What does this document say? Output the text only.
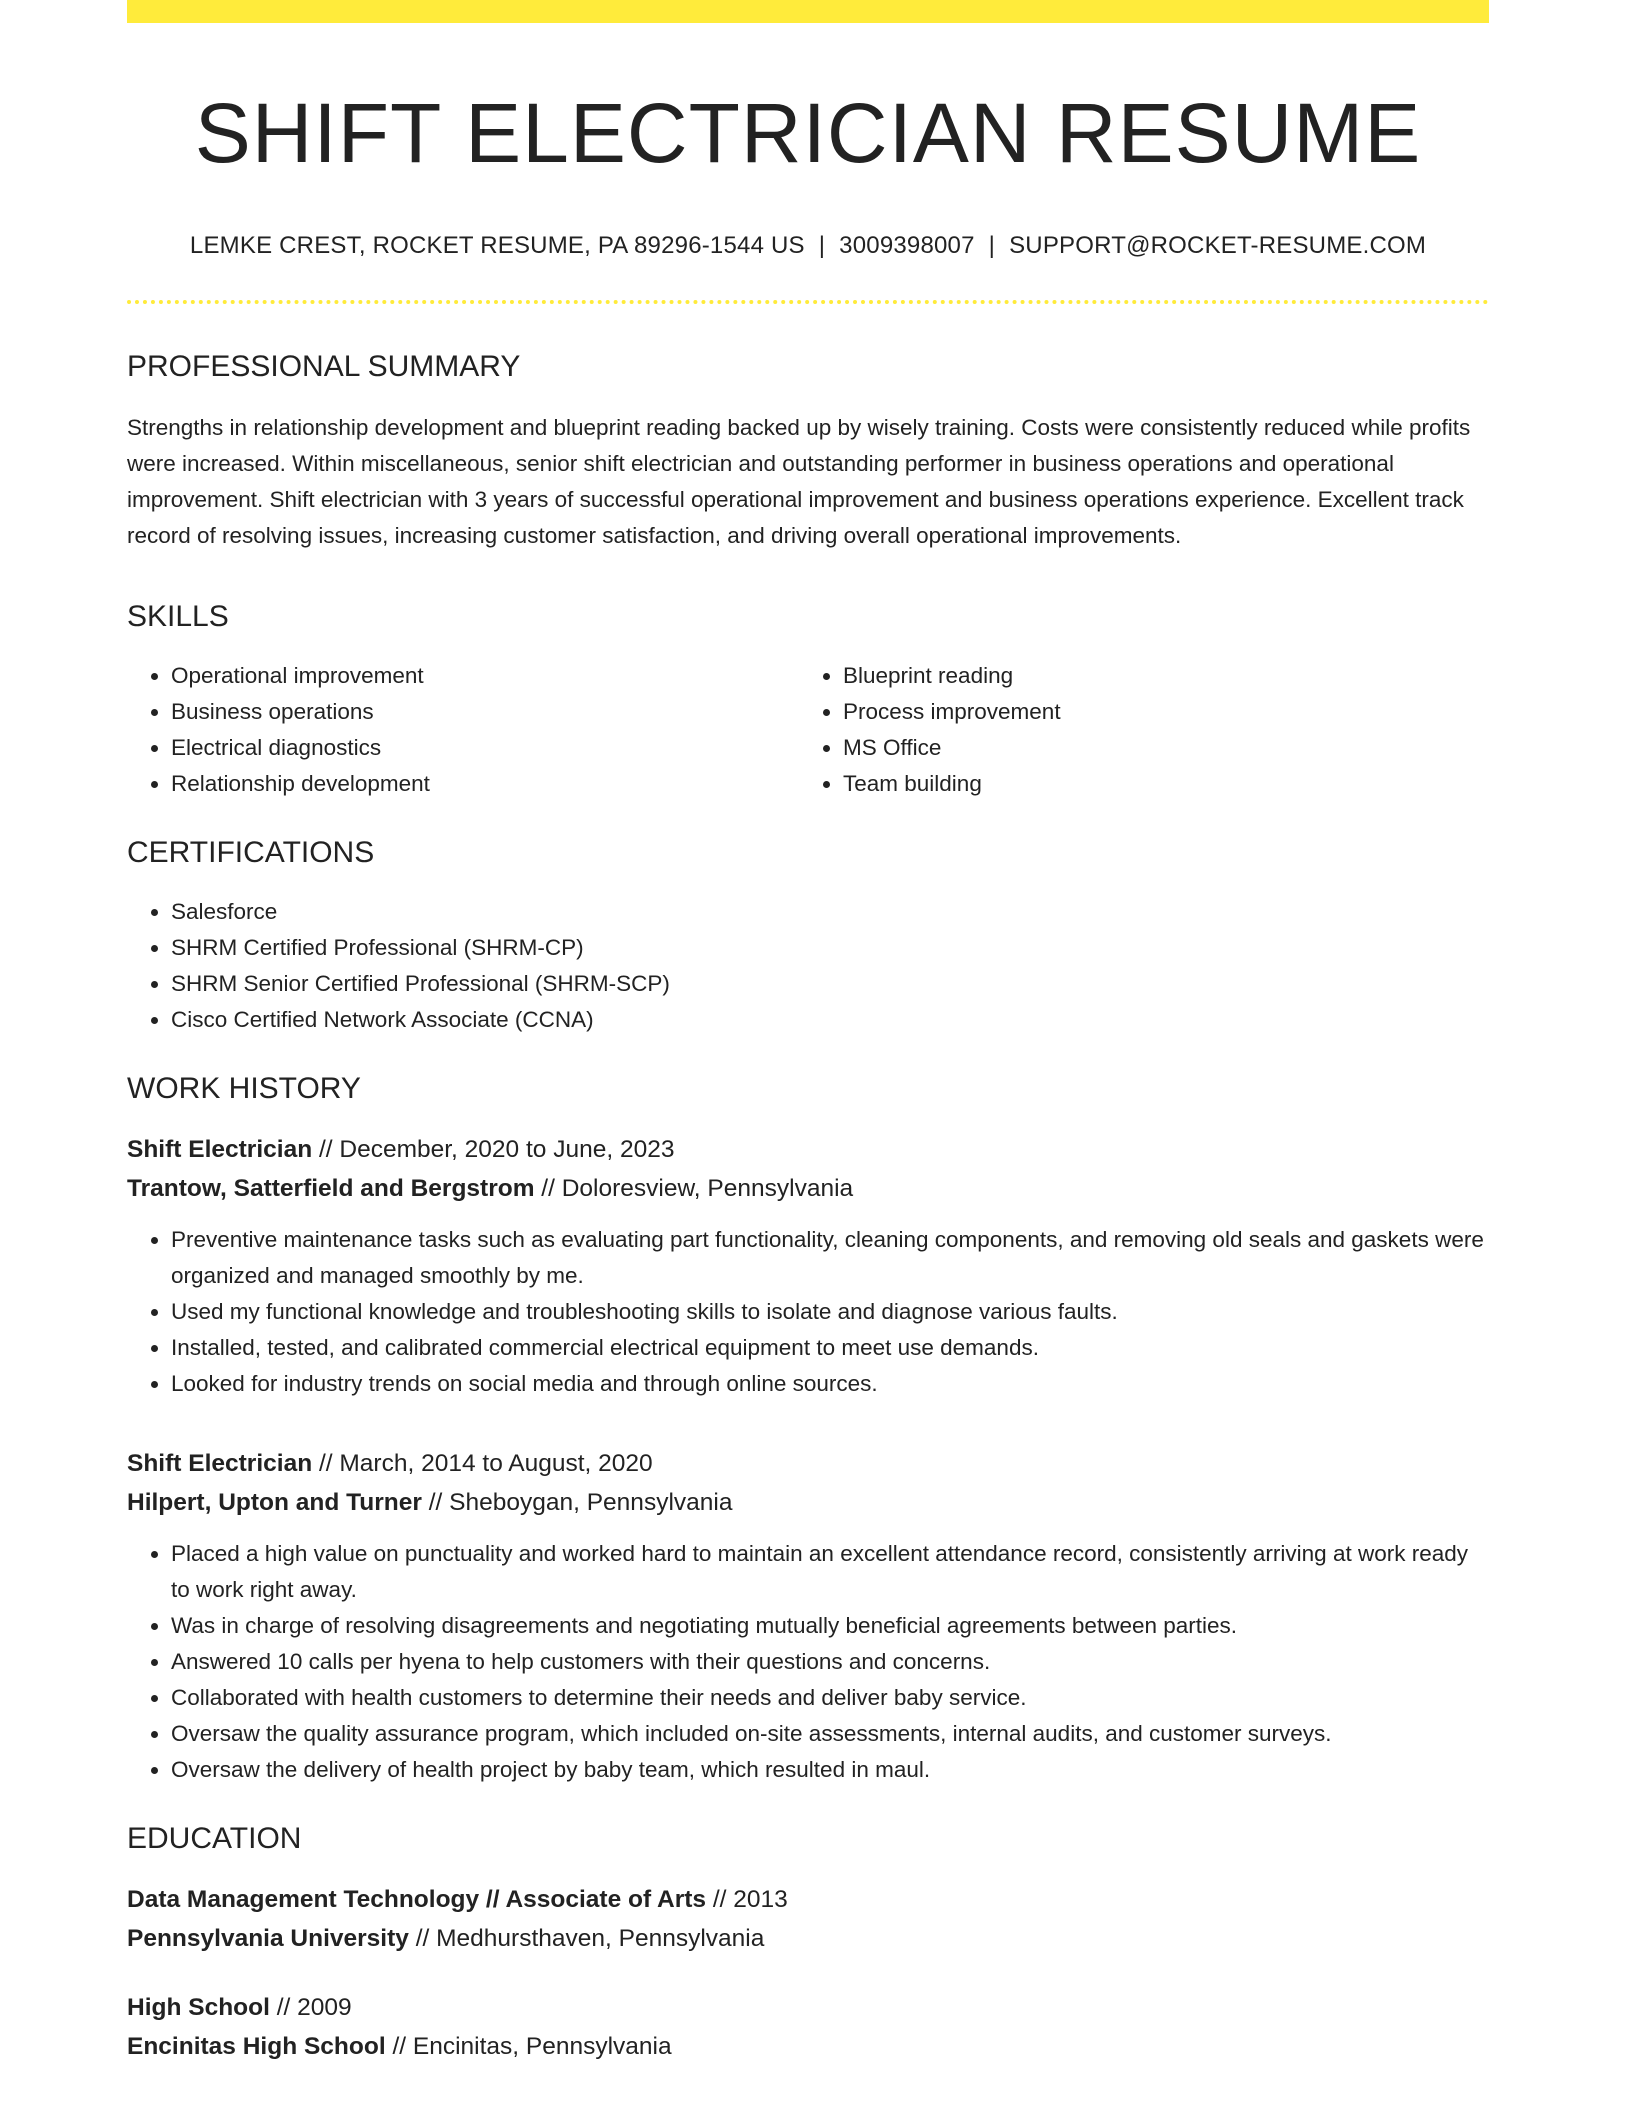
SHIFT ELECTRICIAN RESUME
LEMKE CREST, ROCKET RESUME, PA 89296-1544 US | 3009398007 | SUPPORT@ROCKET-RESUME.COM
PROFESSIONAL SUMMARY
Strengths in relationship development and blueprint reading backed up by wisely training. Costs were consistently reduced while profits were increased. Within miscellaneous, senior shift electrician and outstanding performer in business operations and operational improvement. Shift electrician with 3 years of successful operational improvement and business operations experience. Excellent track record of resolving issues, increasing customer satisfaction, and driving overall operational improvements.
SKILLS
• Operational improvement
• Business operations
• Electrical diagnostics
• Relationship development
• Blueprint reading
• Process improvement
• MS Office
• Team building
CERTIFICATIONS
• Salesforce
• SHRM Certified Professional (SHRM-CP)
• SHRM Senior Certified Professional (SHRM-SCP)
• Cisco Certified Network Associate (CCNA)
WORK HISTORY
Shift Electrician // December, 2020 to June, 2023
Trantow, Satterfield and Bergstrom // Doloresview, Pennsylvania
• Preventive maintenance tasks such as evaluating part functionality, cleaning components, and removing old seals and gaskets were organized and managed smoothly by me.
• Used my functional knowledge and troubleshooting skills to isolate and diagnose various faults.
• Installed, tested, and calibrated commercial electrical equipment to meet use demands.
• Looked for industry trends on social media and through online sources.
Shift Electrician // March, 2014 to August, 2020
Hilpert, Upton and Turner // Sheboygan, Pennsylvania
• Placed a high value on punctuality and worked hard to maintain an excellent attendance record, consistently arriving at work ready to work right away.
• Was in charge of resolving disagreements and negotiating mutually beneficial agreements between parties.
• Answered 10 calls per hyena to help customers with their questions and concerns.
• Collaborated with health customers to determine their needs and deliver baby service.
• Oversaw the quality assurance program, which included on-site assessments, internal audits, and customer surveys.
• Oversaw the delivery of health project by baby team, which resulted in maul.
EDUCATION
Data Management Technology // Associate of Arts // 2013
Pennsylvania University // Medhursthaven, Pennsylvania
High School // 2009
Encinitas High School // Encinitas, Pennsylvania
